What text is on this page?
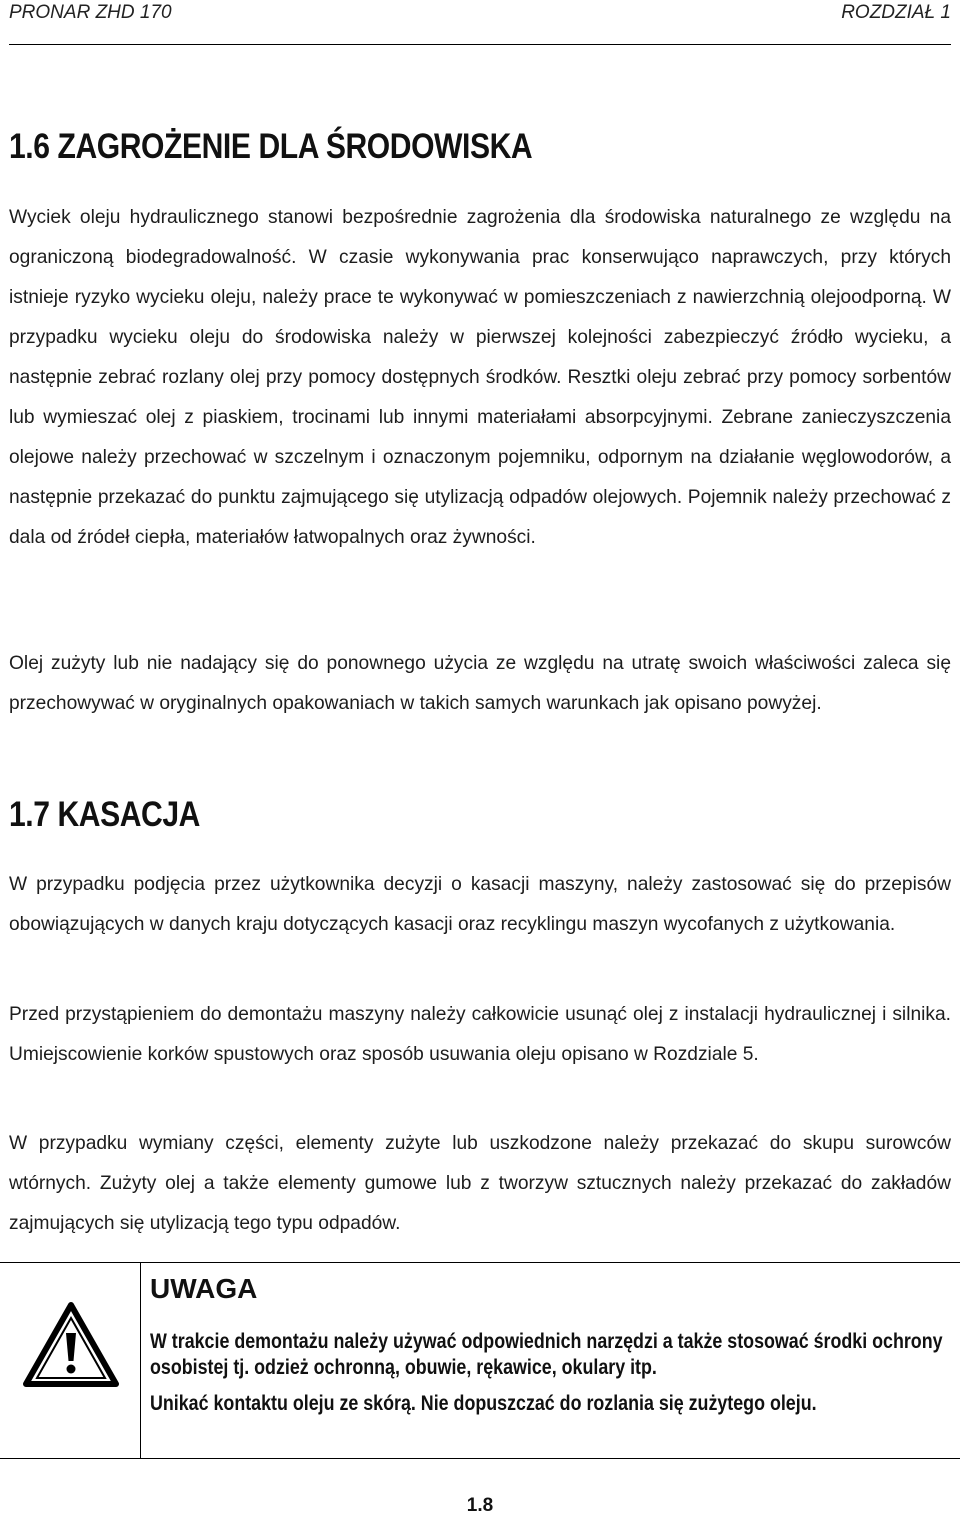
PRONAR ZHD 170	ROZDZIAŁ 1
1.6 ZAGROŻENIE DLA ŚRODOWISKA

Wyciek oleju hydraulicznego stanowi bezpośrednie zagrożenia dla środowiska naturalnego ze względu na ograniczoną biodegradowalność. W czasie wykonywania prac konserwująco naprawczych, przy których istnieje ryzyko wycieku oleju, należy prace te wykonywać w pomieszczeniach z nawierzchnią olejoodporną. W przypadku wycieku oleju do środowiska należy w pierwszej kolejności zabezpieczyć źródło wycieku, a następnie zebrać rozlany olej przy pomocy dostępnych środków. Resztki oleju zebrać przy pomocy sorbentów lub wymieszać olej z piaskiem, trocinami lub innymi materiałami absorpcyjnymi. Zebrane zanieczyszczenia olejowe należy przechować w szczelnym i oznaczonym pojemniku, odpornym na działanie węglowodorów, a następnie przekazać do punktu zajmującego się utylizacją odpadów olejowych. Pojemnik należy przechować z dala od źródeł ciepła, materiałów łatwopalnych oraz żywności.

Olej zużyty lub nie nadający się do ponownego użycia ze względu na utratę swoich właściwości zaleca się przechowywać w oryginalnych opakowaniach w takich samych warunkach jak opisano powyżej.

1.7 KASACJA

W przypadku podjęcia przez użytkownika decyzji o kasacji maszyny, należy zastosować się do przepisów obowiązujących w danych kraju dotyczących kasacji oraz recyklingu maszyn wycofanych z użytkowania.

Przed przystąpieniem do demontażu maszyny należy całkowicie usunąć olej z instalacji hydraulicznej i silnika. Umiejscowienie korków spustowych oraz sposób usuwania oleju opisano w Rozdziale 5.

W przypadku wymiany części, elementy zużyte lub uszkodzone należy przekazać do skupu surowców wtórnych. Zużyty olej a także elementy gumowe lub z tworzyw sztucznych należy przekazać do zakładów zajmujących się utylizacją tego typu odpadów.

UWAGA
W trakcie demontażu należy używać odpowiednich narzędzi a także stosować środki ochrony osobistej tj. odzież ochronną, obuwie, rękawice, okulary itp.
Unikać kontaktu oleju ze skórą. Nie dopuszczać do rozlania się zużytego oleju.
1.8
